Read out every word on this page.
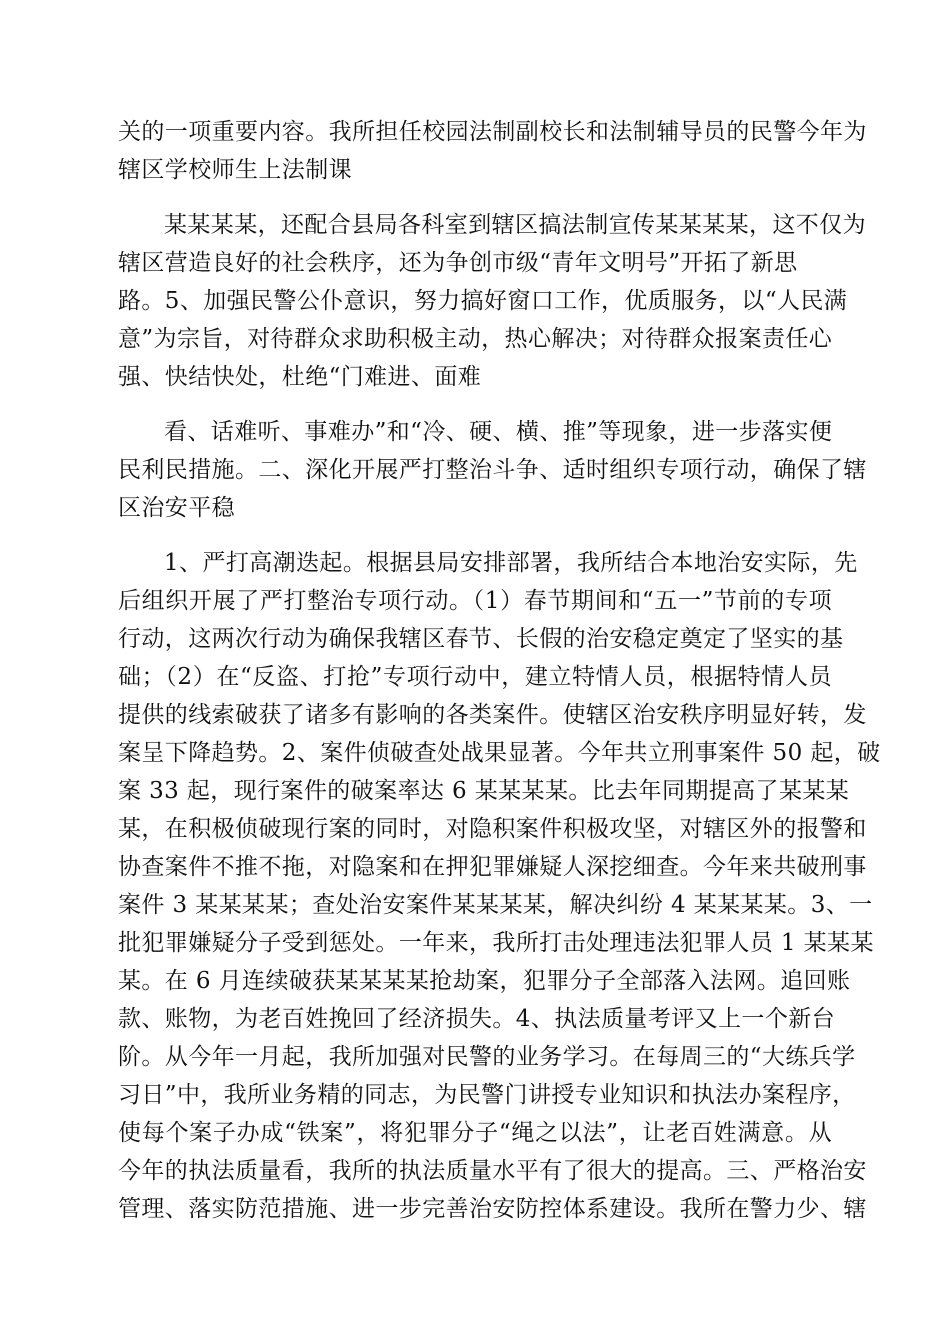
关的一项重要内容。我所担任校园法制副校长和法制辅导员的民警今年为
辖区学校师生上法制课
某某某某，还配合县局各科室到辖区搞法制宣传某某某某，这不仅为
辖区营造良好的社会秩序，还为争创市级“青年文明号”开拓了新思
路。5、加强民警公仆意识，努力搞好窗口工作，优质服务，以“人民满
意”为宗旨，对待群众求助积极主动，热心解决；对待群众报案责任心
强、快结快处，杜绝“门难进、面难
看、话难听、事难办”和“冷、硬、横、推”等现象，进一步落实便
民利民措施。二、深化开展严打整治斗争、适时组织专项行动，确保了辖
区治安平稳
1、严打高潮迭起。根据县局安排部署，我所结合本地治安实际，先
后组织开展了严打整治专项行动。（1）春节期间和“五一”节前的专项
行动，这两次行动为确保我辖区春节、长假的治安稳定奠定了坚实的基
础；（2）在“反盗、打抢”专项行动中，建立特情人员，根据特情人员
提供的线索破获了诸多有影响的各类案件。使辖区治安秩序明显好转，发
案呈下降趋势。2、案件侦破查处战果显著。今年共立刑事案件 50 起，破
案 33 起，现行案件的破案率达 6 某某某某。比去年同期提高了某某某
某，在积极侦破现行案的同时，对隐积案件积极攻坚，对辖区外的报警和
协查案件不推不拖，对隐案和在押犯罪嫌疑人深挖细查。今年来共破刑事
案件 3 某某某某；查处治安案件某某某某，解决纠纷 4 某某某某。3、一
批犯罪嫌疑分子受到惩处。一年来，我所打击处理违法犯罪人员 1 某某某
某。在 6 月连续破获某某某某抢劫案，犯罪分子全部落入法网。追回账
款、账物，为老百姓挽回了经济损失。4、执法质量考评又上一个新台
阶。从今年一月起，我所加强对民警的业务学习。在每周三的“大练兵学
习日”中，我所业务精的同志，为民警门讲授专业知识和执法办案程序，
使每个案子办成“铁案”，将犯罪分子“绳之以法”，让老百姓满意。从
今年的执法质量看，我所的执法质量水平有了很大的提高。三、严格治安
管理、落实防范措施、进一步完善治安防控体系建设。我所在警力少、辖
